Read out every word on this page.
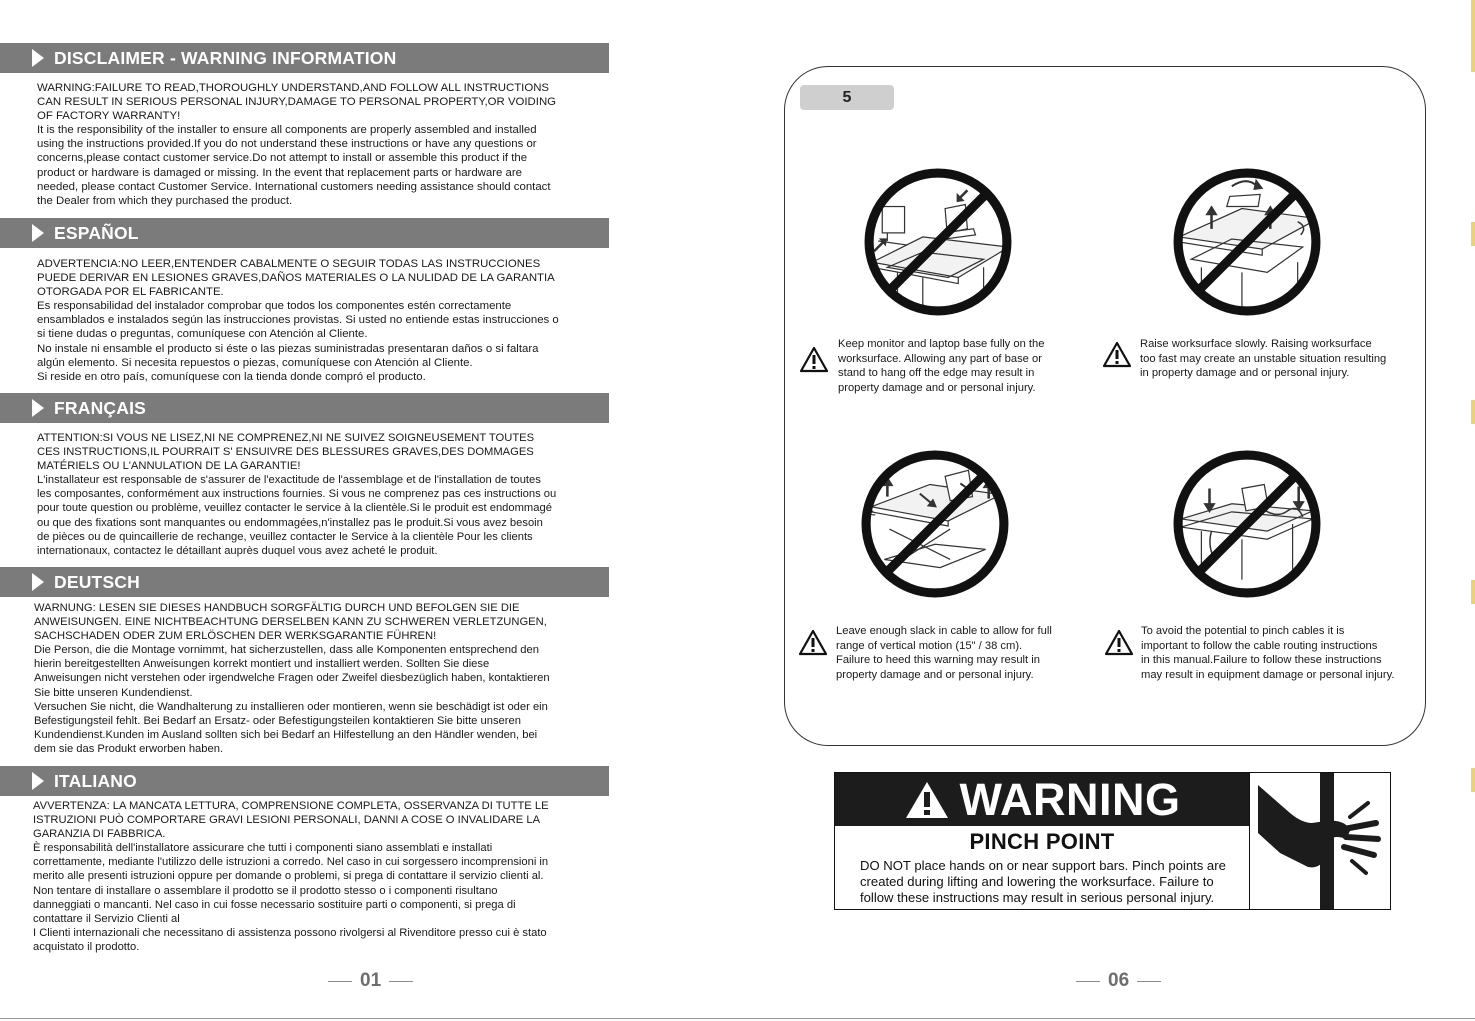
DISCLAIMER - WARNING INFORMATION

WARNING:FAILURE TO READ,THOROUGHLY UNDERSTAND,AND FOLLOW ALL INSTRUCTIONS

CAN RESULT IN SERIOUS PERSONAL INJURY,DAMAGE TO PERSONAL PROPERTY,OR VOIDING

OF FACTORY WARRANTY!

It is the responsibility of the installer to ensure all components are properly assembled and installed

using the instructions provided.If you do not understand these instructions or have any questions or

concerns,please contact customer service.Do not attempt to install or assemble this product if the

product or hardware is damaged or missing. In the event that replacement parts or hardware are

needed, please contact Customer Service. International customers needing assistance should contact

the Dealer from which they purchased the product.

ESPAÑOL

ADVERTENCIA:NO LEER,ENTENDER CABALMENTE O SEGUIR TODAS LAS INSTRUCCIONES

PUEDE DERIVAR EN LESIONES GRAVES,DAÑOS MATERIALES O LA NULIDAD DE LA GARANTIA

OTORGADA POR EL FABRICANTE.

Es responsabilidad del instalador comprobar que todos los componentes estén correctamente

ensamblados e instalados según las instrucciones provistas. Si usted no entiende estas instrucciones o

si tiene dudas o preguntas, comuníquese con Atención al Cliente.

No instale ni ensamble el producto si éste o las piezas suministradas presentaran daños o si faltara

algún elemento. Si necesita repuestos o piezas, comuníquese con Atención al Cliente.

Si reside en otro país, comuníquese con la tienda donde compró el producto.

FRANÇAIS

ATTENTION:SI VOUS NE LISEZ,NI NE COMPRENEZ,NI NE SUIVEZ SOIGNEUSEMENT TOUTES

CES INSTRUCTIONS,IL POURRAIT S' ENSUIVRE DES BLESSURES GRAVES,DES DOMMAGES

MATÉRIELS OU L'ANNULATION DE LA GARANTIE!

L'installateur est responsable de s'assurer de l'exactitude de l'assemblage et de l'installation de toutes

les composantes, conformément aux instructions fournies. Si vous ne comprenez pas ces instructions ou

pour toute question ou problème, veuillez contacter le service à la clientèle.Si le produit est endommagé

ou que des fixations sont manquantes ou endommagées,n'installez pas le produit.Si vous avez besoin

de pièces ou de quincaillerie de rechange, veuillez contacter le Service à la clientèle Pour les clients

internationaux, contactez le détaillant auprès duquel vous avez acheté le produit.

DEUTSCH

WARNUNG: LESEN SIE DIESES HANDBUCH SORGFÄLTIG DURCH UND BEFOLGEN SIE DIE

ANWEISUNGEN. EINE NICHTBEACHTUNG DERSELBEN KANN ZU SCHWEREN VERLETZUNGEN,

SACHSCHADEN ODER ZUM ERLÖSCHEN DER WERKSGARANTIE FÜHREN!

Die Person, die die Montage vornimmt, hat sicherzustellen, dass alle Komponenten entsprechend den

hierin bereitgestellten Anweisungen korrekt montiert und installiert werden. Sollten Sie diese

Anweisungen nicht verstehen oder irgendwelche Fragen oder Zweifel diesbezüglich haben, kontaktieren

Sie bitte unseren Kundendienst.

Versuchen Sie nicht, die Wandhalterung zu installieren oder montieren, wenn sie beschädigt ist oder ein

Befestigungsteil fehlt. Bei Bedarf an Ersatz- oder Befestigungsteilen kontaktieren Sie bitte unseren

Kundendienst.Kunden im Ausland sollten sich bei Bedarf an Hilfestellung an den Händler wenden, bei

dem sie das Produkt erworben haben.

ITALIANO

AVVERTENZA: LA MANCATA LETTURA, COMPRENSIONE COMPLETA, OSSERVANZA DI TUTTE LE

ISTRUZIONI PUÒ COMPORTARE GRAVI LESIONI PERSONALI, DANNI A COSE O INVALIDARE LA

GARANZIA DI FABBRICA.

È responsabilità dell'installatore assicurare che tutti i componenti siano assemblati e installati

correttamente, mediante l'utilizzo delle istruzioni a corredo. Nel caso in cui sorgessero incomprensioni in

merito alle presenti istruzioni oppure per domande o problemi, si prega di contattare il servizio clienti al.

Non tentare di installare o assemblare il prodotto se il prodotto stesso o i componenti risultano

danneggiati o mancanti. Nel caso in cui fosse necessario sostituire parti o componenti, si prega di

contattare il Servizio Clienti al

I Clienti internazionali che necessitano di assistenza possono rivolgersi al Rivenditore presso cui è stato

acquistato il prodotto.

01
5

Keep monitor and laptop base fully on the

worksurface. Allowing any part of base or

stand to hang off the edge may result in

property damage and or personal injury.

Raise worksurface slowly. Raising worksurface

too fast may create an unstable situation resulting

in property damage and or personal injury.

Leave enough slack in cable to allow for full

range of vertical motion (15" / 38 cm).

Failure to heed this warning may result in

property damage and or personal injury.

To avoid the potential to pinch cables it is

important to follow the cable routing instructions

in this manual.Failure to follow these instructions

may result in equipment damage or personal injury.

WARNING
PINCH POINT

DO NOT place hands on or near support bars. Pinch points are

created during lifting and lowering the worksurface. Failure to

follow these instructions may result in serious personal injury.

06
